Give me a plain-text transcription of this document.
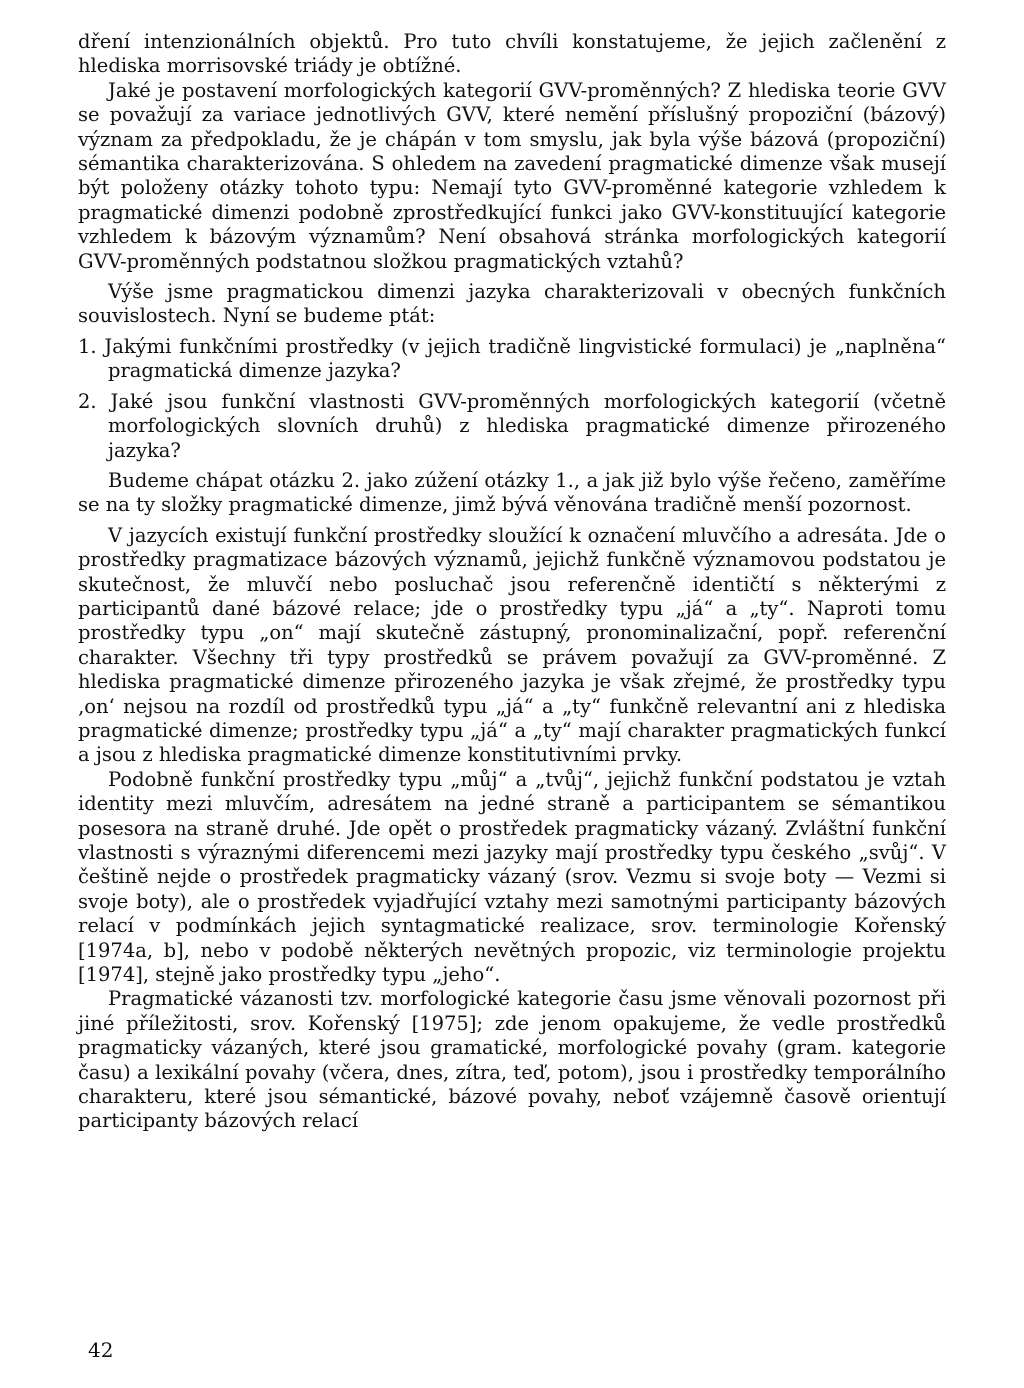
dření intenzionálních objektů. Pro tuto chvíli konstatujeme, že jejich začlenění z hlediska morrisovské triády je obtížné.

Jaké je postavení morfologických kategorií GVV-proměnných? Z hlediska teorie GVV se považují za variace jednotlivých GVV, které nemění příslušný propoziční (bázový) význam za předpokladu, že je chápán v tom smyslu, jak byla výše bázová (propoziční) sémantika charakterizována. S ohledem na zavedení pragmatické dimenze však musejí být položeny otázky tohoto typu: Nemají tyto GVV-proměnné kategorie vzhledem k pragmatické dimenzi podobně zprostředkující funkci jako GVV-konstituující kategorie vzhledem k bázovým významům? Není obsahová stránka morfologických kategorií GVV-proměnných podstatnou složkou pragmatických vztahů?

Výše jsme pragmatickou dimenzi jazyka charakterizovali v obecných funkčních souvislostech. Nyní se budeme ptát:

1. Jakými funkčními prostředky (v jejich tradičně lingvistické formulaci) je „naplněna“ pragmatická dimenze jazyka?

2. Jaké jsou funkční vlastnosti GVV-proměnných morfologických kategorií (včetně morfologických slovních druhů) z hlediska pragmatické dimenze přirozeného jazyka?

Budeme chápat otázku 2. jako zúžení otázky 1., a jak již bylo výše řečeno, zaměříme se na ty složky pragmatické dimenze, jimž bývá věnována tradičně menší pozornost.

V jazycích existují funkční prostředky sloužící k označení mluvčího a adresáta. Jde o prostředky pragmatizace bázových významů, jejichž funkčně významovou podstatou je skutečnost, že mluvčí nebo posluchač jsou referenčně identičtí s některými z participantů dané bázové relace; jde o prostředky typu „já“ a „ty“. Naproti tomu prostředky typu „on“ mají skutečně zástupný, pronominalizační, popř. referenční charakter. Všechny tři typy prostředků se právem považují za GVV-proměnné. Z hlediska pragmatické dimenze přirozeného jazyka je však zřejmé, že prostředky typu ‚on‘ nejsou na rozdíl od prostředků typu „já“ a „ty“ funkčně relevantní ani z hlediska pragmatické dimenze; prostředky typu „já“ a „ty“ mají charakter pragmatických funkcí a jsou z hlediska pragmatické dimenze konstitutivními prvky.

Podobně funkční prostředky typu „můj“ a „tvůj“, jejichž funkční podstatou je vztah identity mezi mluvčím, adresátem na jedné straně a participantem se sémantikou posesora na straně druhé. Jde opět o prostředek pragmaticky vázaný. Zvláštní funkční vlastnosti s výraznými diferencemi mezi jazyky mají prostředky typu českého „svůj“. V češtině nejde o prostředek pragmaticky vázaný (srov. Vezmu si svoje boty — Vezmi si svoje boty), ale o prostředek vyjadřující vztahy mezi samotnými participanty bázových relací v podmínkách jejich syntagmatické realizace, srov. terminologie Kořenský [1974a, b], nebo v podobě některých nevětných propozic, viz terminologie projektu [1974], stejně jako prostředky typu „jeho“.

Pragmatické vázanosti tzv. morfologické kategorie času jsme věnovali pozornost při jiné příležitosti, srov. Kořenský [1975]; zde jenom opakujeme, že vedle prostředků pragmaticky vázaných, které jsou gramatické, morfologické povahy (gram. kategorie času) a lexikální povahy (včera, dnes, zítra, teď, potom), jsou i prostředky temporálního charakteru, které jsou sémantické, bázové povahy, neboť vzájemně časově orientují participanty bázových relací

42
